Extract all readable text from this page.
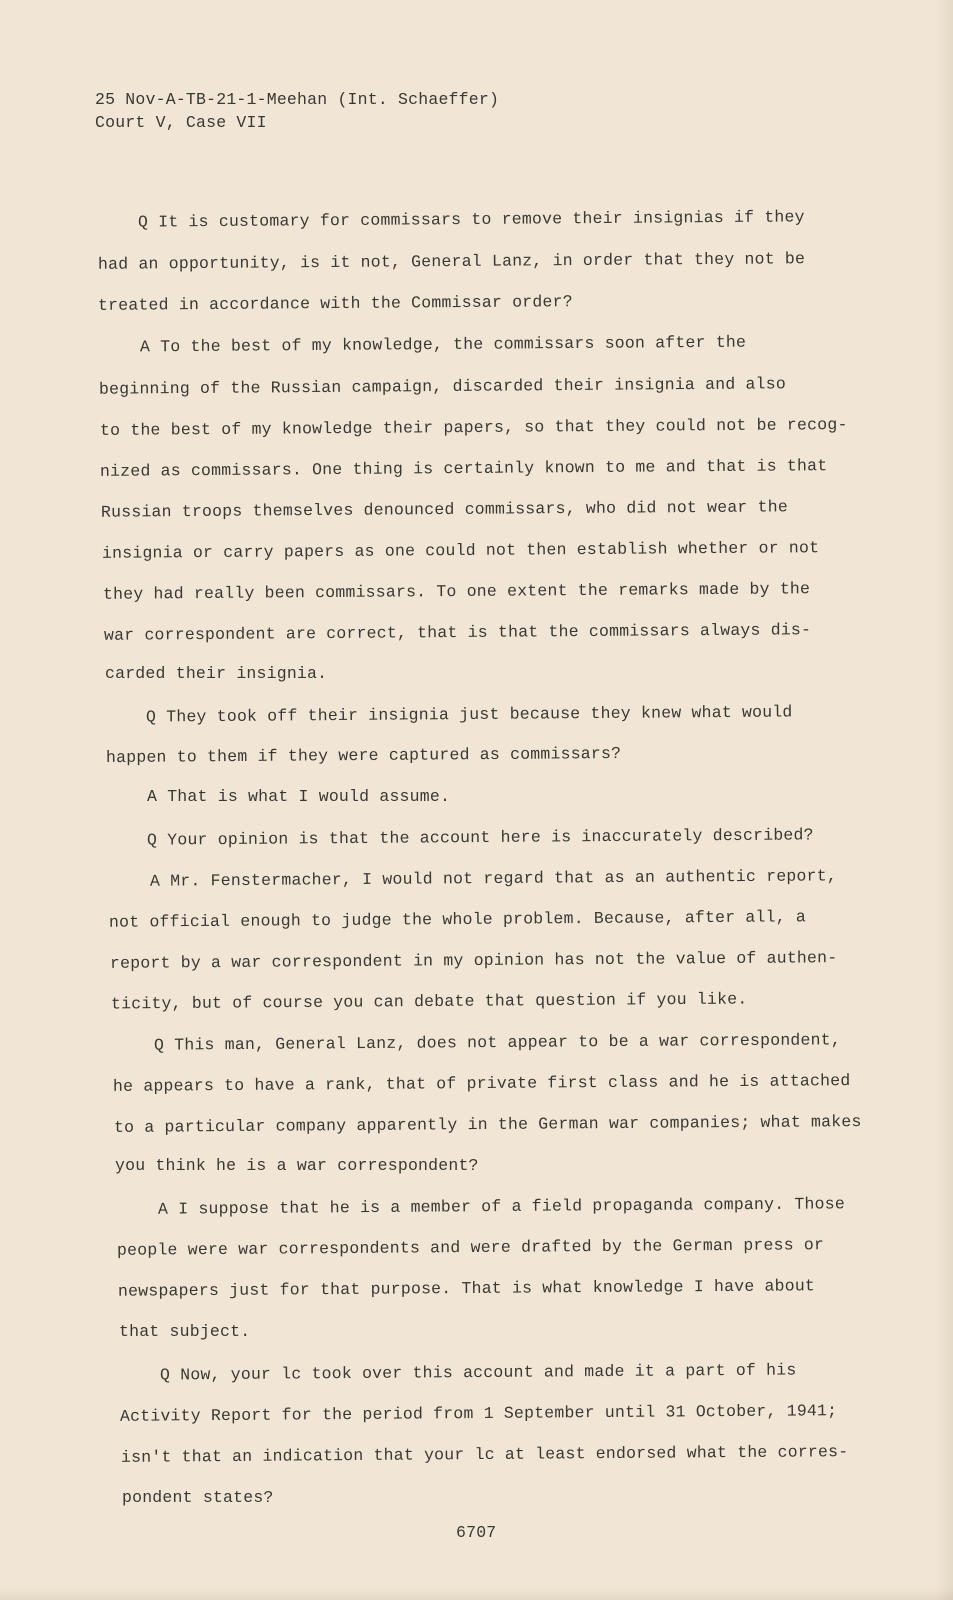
25 Nov-A-TB-21-1-Meehan (Int. Schaeffer)
Court V, Case VII
Q It is customary for commissars to remove their insignias if they
had an opportunity, is it not, General Lanz, in order that they not be
treated in accordance with the Commissar order?
A To the best of my knowledge, the commissars soon after the
beginning of the Russian campaign, discarded their insignia and also
to the best of my knowledge their papers, so that they could not be recog-
nized as commissars. One thing is certainly known to me and that is that
Russian troops themselves denounced commissars, who did not wear the
insignia or carry papers as one could not then establish whether or not
they had really been commissars. To one extent the remarks made by the
war correspondent are correct, that is that the commissars always dis-
carded their insignia.
Q They took off their insignia just because they knew what would
happen to them if they were captured as commissars?
A That is what I would assume.
Q Your opinion is that the account here is inaccurately described?
A Mr. Fenstermacher, I would not regard that as an authentic report,
not official enough to judge the whole problem. Because, after all, a
report by a war correspondent in my opinion has not the value of authen-
ticity, but of course you can debate that question if you like.
Q This man, General Lanz, does not appear to be a war correspondent,
he appears to have a rank, that of private first class and he is attached
to a particular company apparently in the German war companies; what makes
you think he is a war correspondent?
A I suppose that he is a member of a field propaganda company. Those
people were war correspondents and were drafted by the German press or
newspapers just for that purpose. That is what knowledge I have about
that subject.
Q Now, your lc took over this account and made it a part of his
Activity Report for the period from 1 September until 31 October, 1941;
isn't that an indication that your lc at least endorsed what the corres-
pondent states?
6707
